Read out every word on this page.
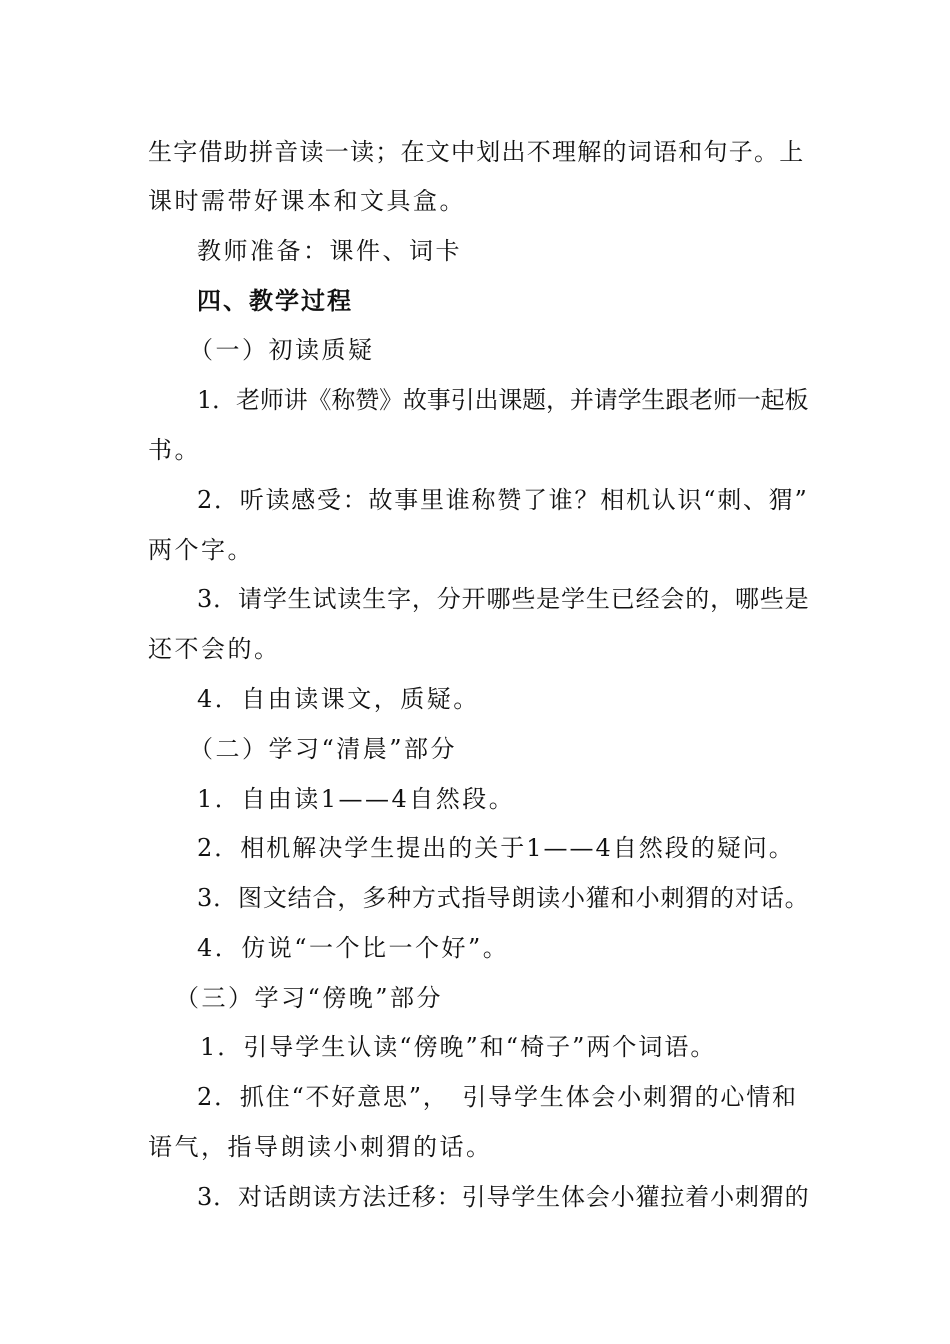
生字借助拼音读一读；在文中划出不理解的词语和句子。上
课时需带好课本和文具盒。
教师准备：课件、词卡
四、教学过程
（一）初读质疑
1．老师讲《称赞》故事引出课题，并请学生跟老师一起板
书。
2．听读感受：故事里谁称赞了谁？相机认识“刺、猬”
两个字。
3．请学生试读生字，分开哪些是学生已经会的，哪些是
还不会的。
4．自由读课文，质疑。
（二）学习“清晨”部分
1．自由读1——4自然段。
2．相机解决学生提出的关于1——4自然段的疑问。
3．图文结合，多种方式指导朗读小獾和小刺猬的对话。
4．仿说“一个比一个好”。
（三）学习“傍晚”部分
1．引导学生认读“傍晚”和“椅子”两个词语。
2．抓住“不好意思”，　引导学生体会小刺猬的心情和
语气，指导朗读小刺猬的话。
3．对话朗读方法迁移：引导学生体会小獾拉着小刺猬的
